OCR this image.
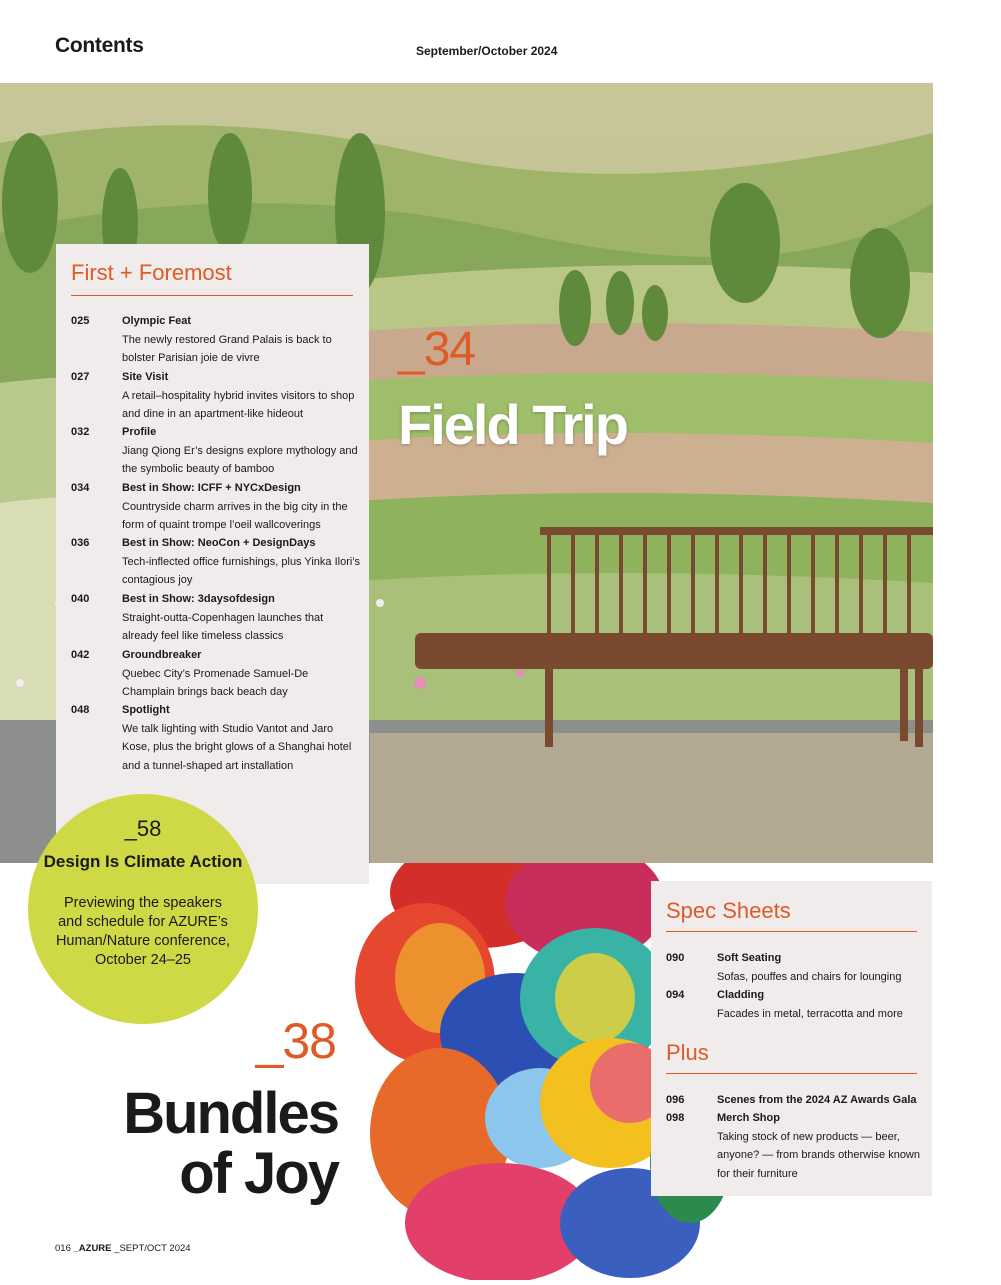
Contents	September/October 2024
_34
Field Trip
First + Foremost
025	Olympic Feat
The newly restored Grand Palais is back to bolster Parisian joie de vivre
027	Site Visit
A retail–hospitality hybrid invites visitors to shop and dine in an apartment-like hideout
032	Profile
Jiang Qiong Er’s designs explore mythology and the symbolic beauty of bamboo
034	Best in Show: ICFF + NYCxDesign
Countryside charm arrives in the big city in the form of quaint trompe l’oeil wallcoverings
036	Best in Show: NeoCon + DesignDays
Tech-inflected office furnishings, plus Yinka Ilori’s contagious joy
040	Best in Show: 3daysofdesign
Straight-outta-Copenhagen launches that already feel like timeless classics
042	Groundbreaker
Quebec City’s Promenade Samuel-De Champlain brings back beach day
048	Spotlight
We talk lighting with Studio Vantot and Jaro Kose, plus the bright glows of a Shanghai hotel and a tunnel-shaped art installation
_58
Design Is Climate Action
Previewing the speakers and schedule for AZURE’s Human/Nature conference, October 24–25
_38
Bundles
of Joy
Spec Sheets
090	Soft Seating
Sofas, pouffes and chairs for lounging
094	Cladding
Facades in metal, terracotta and more
Plus
096	Scenes from the 2024 AZ Awards Gala
098	Merch Shop
Taking stock of new products — beer, anyone? — from brands otherwise known for their furniture
016 _AZURE _SEPT/OCT 2024
